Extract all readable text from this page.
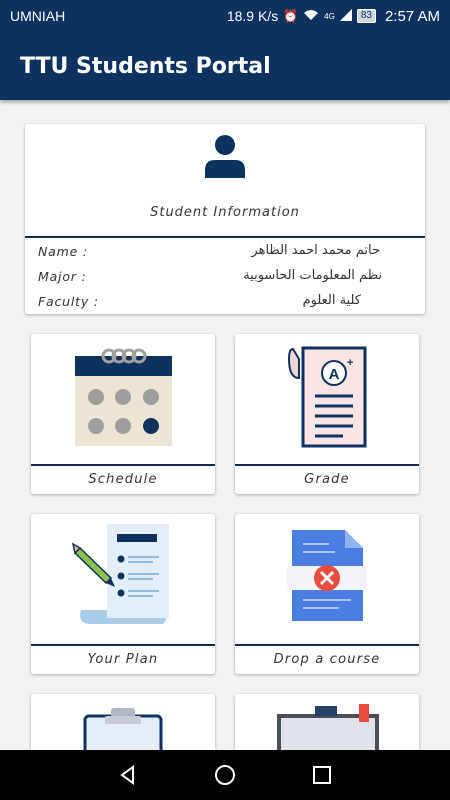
UMNIAH	18.9 K/s ⏰	4G	83 2:57 AM
TTU Students Portal
Student Information
Name :	حاتم محمد احمد الظاهر
Major :	نظم المعلومات الحاسوبية
Faculty :	كلية العلوم
Schedule
A
+
Grade
Your Plan	Drop a course
